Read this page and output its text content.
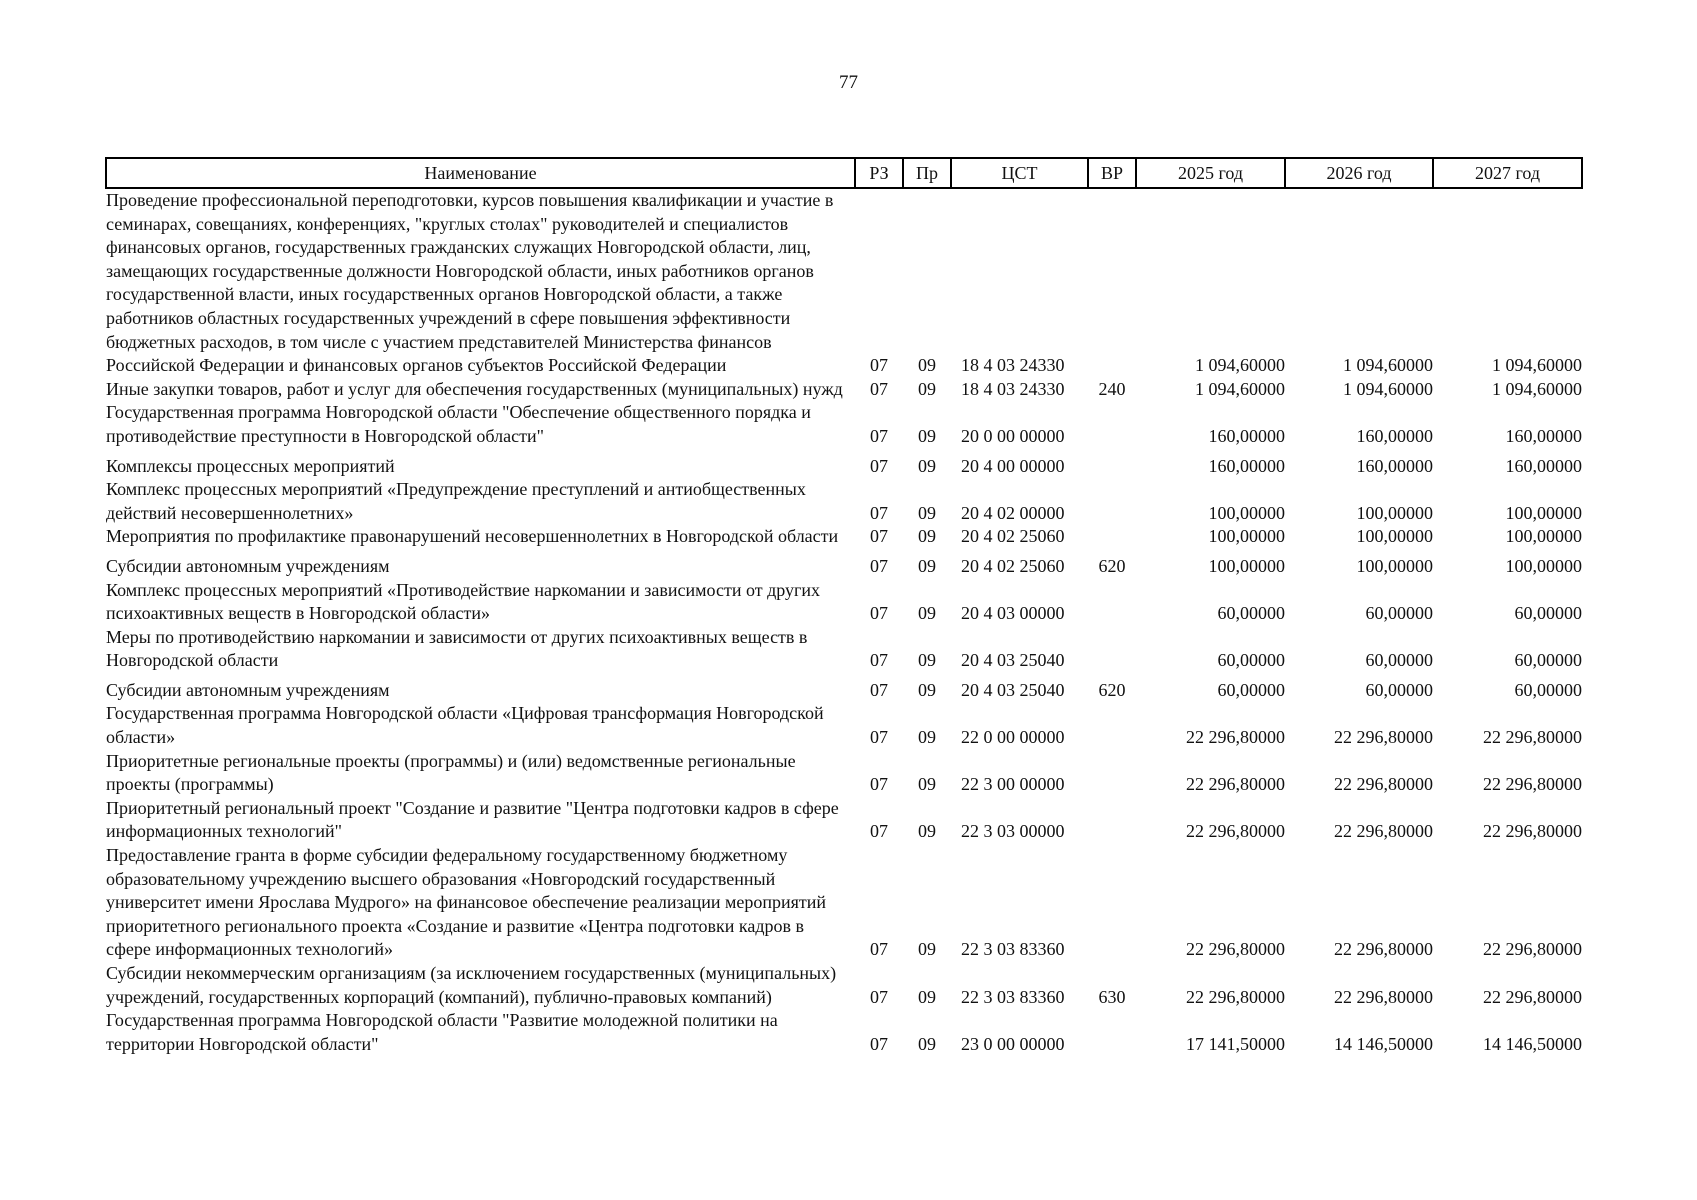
77
Наименование	РЗ	Пр	ЦСТ	ВР	2025 год	2026 год	2027 год
Проведение профессиональной переподготовки, курсов повышения квалификации и участие в семинарах, совещаниях, конференциях, "круглых столах" руководителей и специалистов финансовых органов, государственных гражданских служащих Новгородской области, лиц, замещающих государственные должности Новгородской области, иных работников органов государственной власти, иных государственных органов Новгородской области, а также работников областных государственных учреждений в сфере повышения эффективности бюджетных расходов, в том числе с участием представителей Министерства финансов Российской Федерации и финансовых органов субъектов Российской Федерации	07	09	18 4 03 24330		1 094,60000	1 094,60000	1 094,60000
Иные закупки товаров, работ и услуг для обеспечения государственных (муниципальных) нужд	07	09	18 4 03 24330	240	1 094,60000	1 094,60000	1 094,60000
Государственная программа Новгородской области "Обеспечение общественного порядка и противодействие преступности в Новгородской области"	07	09	20 0 00 00000		160,00000	160,00000	160,00000
Комплексы процессных мероприятий	07	09	20 4 00 00000		160,00000	160,00000	160,00000
Комплекс процессных мероприятий «Предупреждение преступлений и антиобщественных действий несовершеннолетних»	07	09	20 4 02 00000		100,00000	100,00000	100,00000
Мероприятия по профилактике правонарушений несовершеннолетних в Новгородской области	07	09	20 4 02 25060		100,00000	100,00000	100,00000
Субсидии автономным учреждениям	07	09	20 4 02 25060	620	100,00000	100,00000	100,00000
Комплекс процессных мероприятий «Противодействие наркомании и зависимости от других психоактивных веществ в Новгородской области»	07	09	20 4 03 00000		60,00000	60,00000	60,00000
Меры по противодействию наркомании и зависимости от других психоактивных веществ в Новгородской области	07	09	20 4 03 25040		60,00000	60,00000	60,00000
Субсидии автономным учреждениям	07	09	20 4 03 25040	620	60,00000	60,00000	60,00000
Государственная программа Новгородской области «Цифровая трансформация Новгородской области»	07	09	22 0 00 00000		22 296,80000	22 296,80000	22 296,80000
Приоритетные региональные проекты (программы) и (или) ведомственные региональные проекты (программы)	07	09	22 3 00 00000		22 296,80000	22 296,80000	22 296,80000
Приоритетный региональный проект "Создание и развитие "Центра подготовки кадров в сфере информационных технологий"	07	09	22 3 03 00000		22 296,80000	22 296,80000	22 296,80000
Предоставление гранта в форме субсидии федеральному государственному бюджетному образовательному учреждению высшего образования «Новгородский государственный университет имени Ярослава Мудрого» на финансовое обеспечение реализации мероприятий приоритетного регионального проекта «Создание и развитие «Центра подготовки кадров в сфере информационных технологий»	07	09	22 3 03 83360		22 296,80000	22 296,80000	22 296,80000
Субсидии некоммерческим организациям (за исключением государственных (муниципальных) учреждений, государственных корпораций (компаний), публично-правовых компаний)	07	09	22 3 03 83360	630	22 296,80000	22 296,80000	22 296,80000
Государственная программа Новгородской области "Развитие молодежной политики на территории Новгородской области"	07	09	23 0 00 00000		17 141,50000	14 146,50000	14 146,50000
